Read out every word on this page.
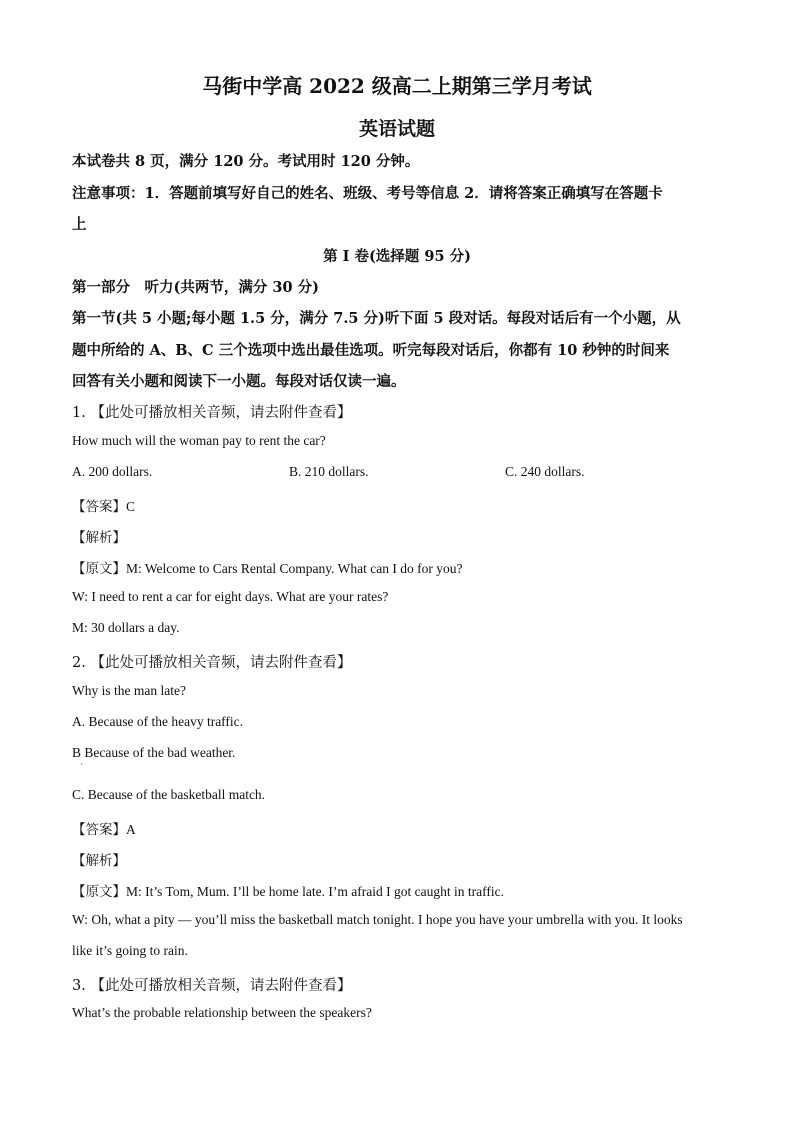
马街中学高 2022 级高二上期第三学月考试
英语试题
本试卷共 8 页，满分 120 分。考试用时 120 分钟。
注意事项：1．答题前填写好自己的姓名、班级、考号等信息 2．请将答案正确填写在答题卡
上
第 I 卷(选择题 95 分)
第一部分　听力(共两节，满分 30 分)
第一节(共 5 小题;每小题 1.5 分，满分 7.5 分)听下面 5 段对话。每段对话后有一个小题，从
题中所给的 A、B、C 三个选项中选出最佳选项。听完每段对话后，你都有 10 秒钟的时间来
回答有关小题和阅读下一小题。每段对话仅读一遍。
1. 【此处可播放相关音频，请去附件查看】
How much will the woman pay to rent the car?
A. 200 dollars.	B. 210 dollars.	C. 240 dollars.
【答案】C
【解析】
【原文】M: Welcome to Cars Rental Company. What can I do for you?
W: I need to rent a car for eight days. What are your rates?
M: 30 dollars a day.
2. 【此处可播放相关音频，请去附件查看】
Why is the man late?
A. Because of the heavy traffic.
B Because of the bad weather.
·
C. Because of the basketball match.
【答案】A
【解析】
【原文】M: It’s Tom, Mum. I’ll be home late. I’m afraid I got caught in traffic.
W: Oh, what a pity — you’ll miss the basketball match tonight. I hope you have your umbrella with you. It looks
like it’s going to rain.
3. 【此处可播放相关音频，请去附件查看】
What’s the probable relationship between the speakers?
